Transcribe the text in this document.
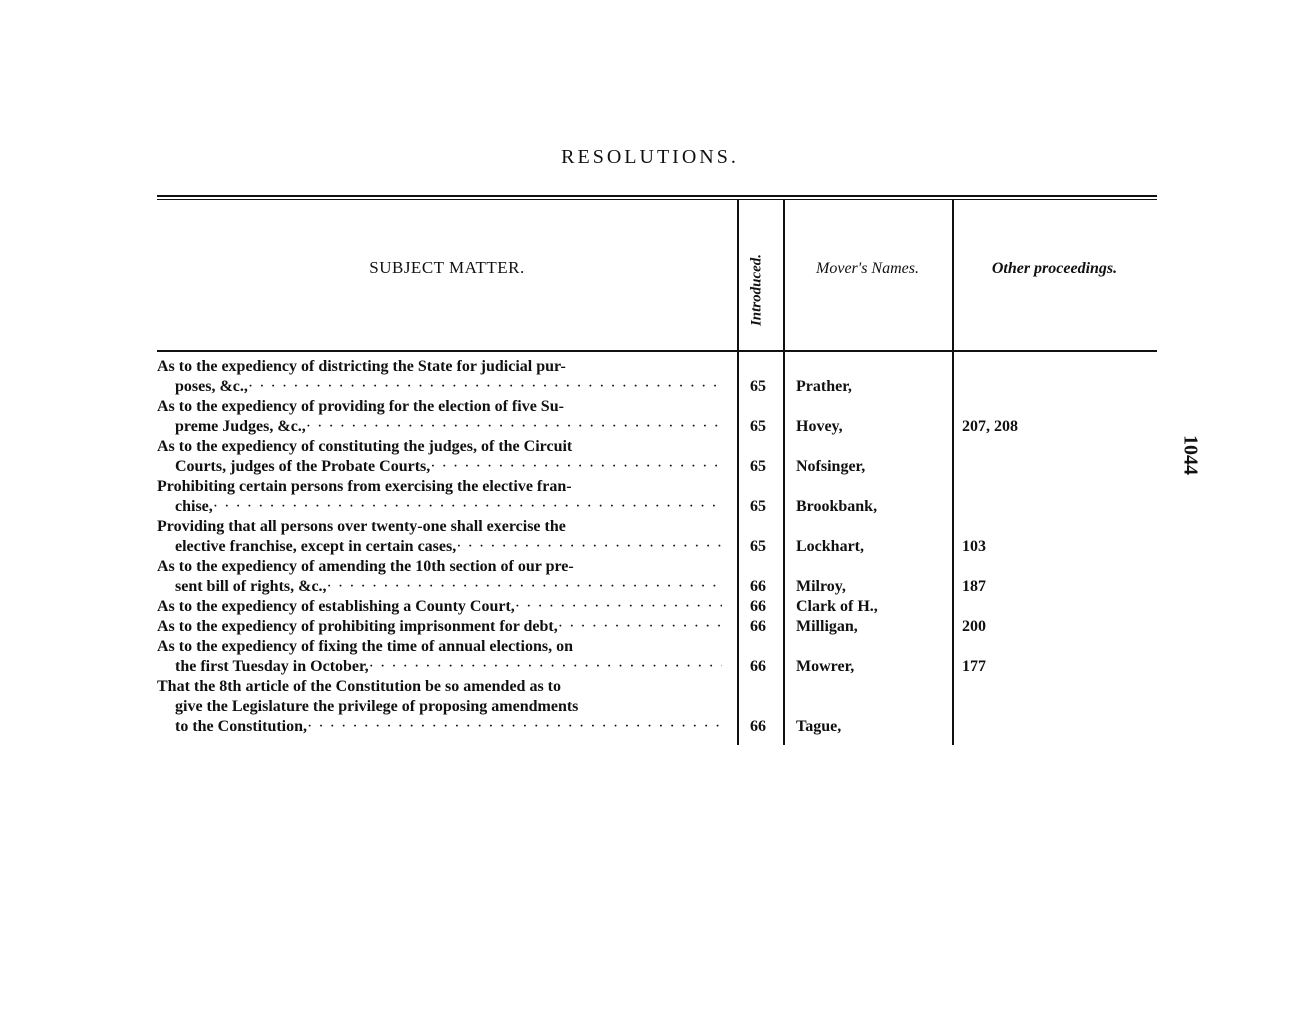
RESOLUTIONS.
SUBJECT MATTER.	Introduced.	Mover's Names.	Other proceedings.
As to the expediency of districting the State for judicial pur-
poses, &c., · · ·	65	Prather,
As to the expediency of providing for the election of five Su-
preme Judges, &c., · · ·	65	Hovey,	207, 208
As to the expediency of constituting the judges, of the Circuit
Courts, judges of the Probate Courts, · · ·	65	Nofsinger,
Prohibiting certain persons from exercising the elective fran-
chise, · · ·	65	Brookbank,
Providing that all persons over twenty-one shall exercise the
elective franchise, except in certain cases, · · ·	65	Lockhart,	103
As to the expediency of amending the 10th section of our pre-
sent bill of rights, &c., · · ·	66	Milroy,	187
As to the expediency of establishing a County Court, · · ·	66	Clark of H.,
As to the expediency of prohibiting imprisonment for debt, · · ·	66	Milligan,	200
As to the expediency of fixing the time of annual elections, on
the first Tuesday in October, · · ·	66	Mowrer,	177
That the 8th article of the Constitution be so amended as to
give the Legislature the privilege of proposing amendments
to the Constitution, · · ·	66	Tague,
1044
